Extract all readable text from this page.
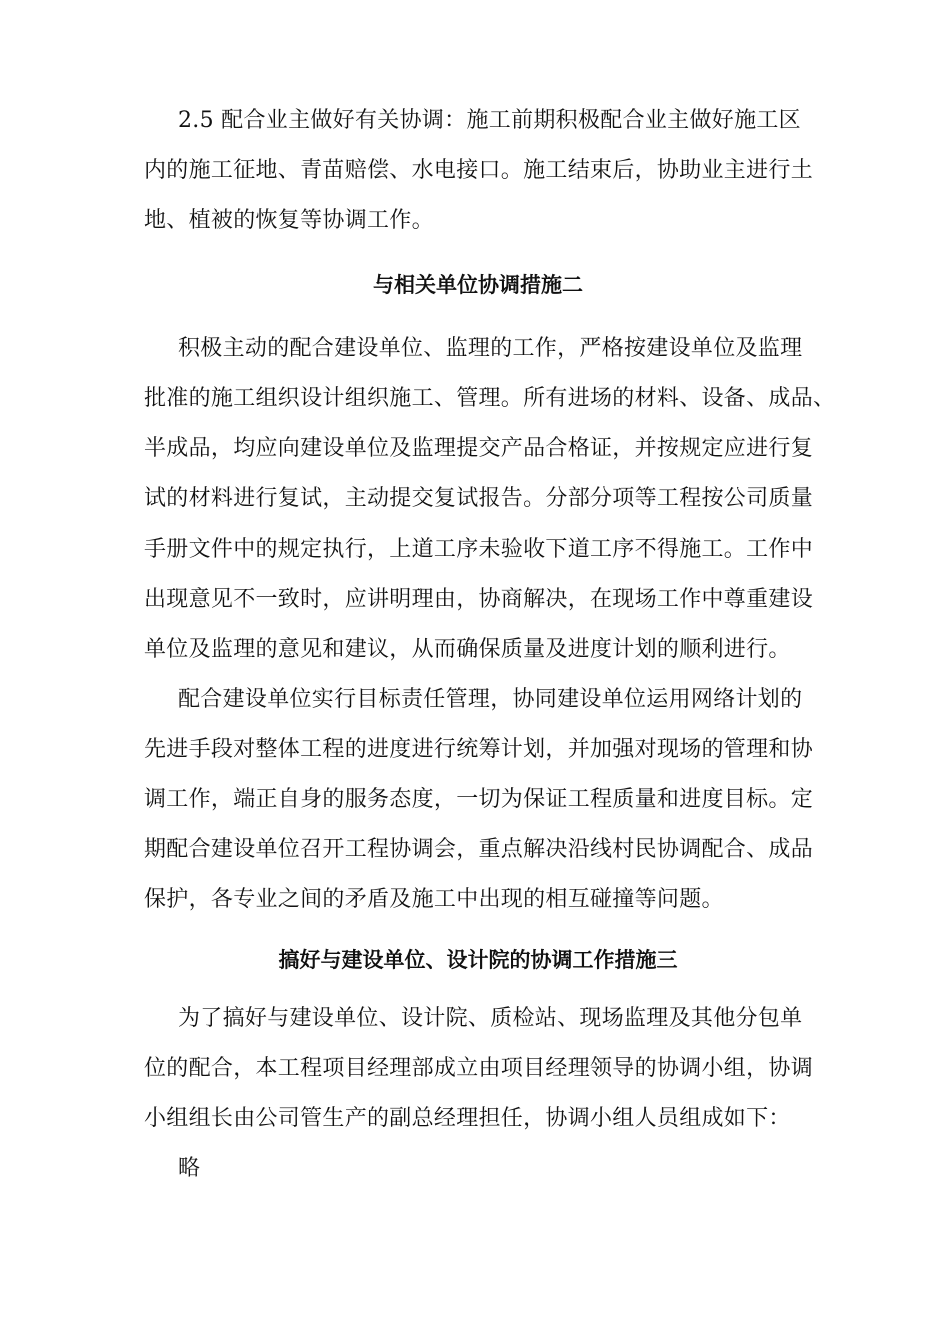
2.5 配合业主做好有关协调：施工前期积极配合业主做好施工区
内的施工征地、青苗赔偿、水电接口。施工结束后，协助业主进行土
地、植被的恢复等协调工作。
与相关单位协调措施二
积极主动的配合建设单位、监理的工作，严格按建设单位及监理
批准的施工组织设计组织施工、管理。所有进场的材料、设备、成品、
半成品，均应向建设单位及监理提交产品合格证，并按规定应进行复
试的材料进行复试，主动提交复试报告。分部分项等工程按公司质量
手册文件中的规定执行，上道工序未验收下道工序不得施工。工作中
出现意见不一致时，应讲明理由，协商解决，在现场工作中尊重建设
单位及监理的意见和建议，从而确保质量及进度计划的顺利进行。
配合建设单位实行目标责任管理，协同建设单位运用网络计划的
先进手段对整体工程的进度进行统筹计划，并加强对现场的管理和协
调工作，端正自身的服务态度，一切为保证工程质量和进度目标。定
期配合建设单位召开工程协调会，重点解决沿线村民协调配合、成品
保护，各专业之间的矛盾及施工中出现的相互碰撞等问题。
搞好与建设单位、设计院的协调工作措施三
为了搞好与建设单位、设计院、质检站、现场监理及其他分包单
位的配合，本工程项目经理部成立由项目经理领导的协调小组，协调
小组组长由公司管生产的副总经理担任，协调小组人员组成如下：
略
